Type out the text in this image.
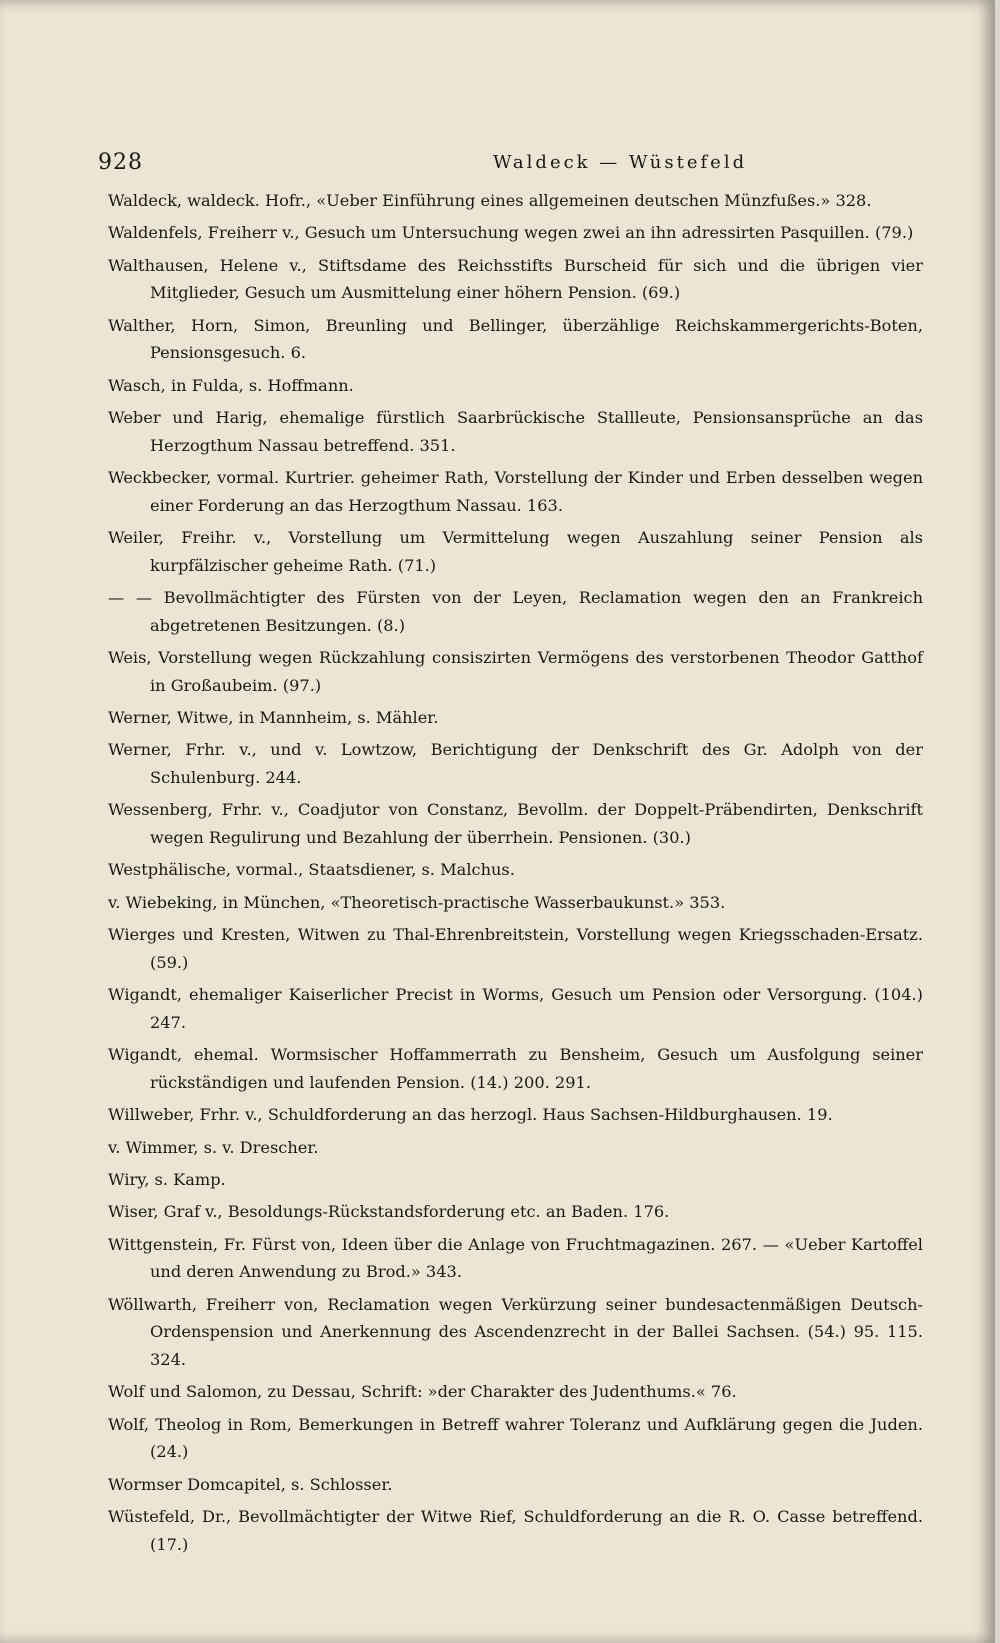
928	Waldeck — Wüstefeld

Waldeck, waldeck. Hofr., «Ueber Einführung eines allgemeinen deutschen Münzfußes.» 328.

Waldenfels, Freiherr v., Gesuch um Untersuchung wegen zwei an ihn adressirten Pasquillen. (79.)

Walthausen, Helene v., Stiftsdame des Reichsstifts Burscheid für sich und die übrigen vier Mitglieder, Gesuch um Ausmittelung einer höhern Pension. (69.)

Walther, Horn, Simon, Breunling und Bellinger, überzählige Reichskammergerichts-Boten, Pensionsgesuch. 6.

Wasch, in Fulda, s. Hoffmann.

Weber und Harig, ehemalige fürstlich Saarbrückische Stallleute, Pensionsansprüche an das Herzogthum Nassau betreffend. 351.

Weckbecker, vormal. Kurtrier. geheimer Rath, Vorstellung der Kinder und Erben desselben wegen einer Forderung an das Herzogthum Nassau. 163.

Weiler, Freihr. v., Vorstellung um Vermittelung wegen Auszahlung seiner Pension als kurpfälzischer geheime Rath. (71.)

— — Bevollmächtigter des Fürsten von der Leyen, Reclamation wegen den an Frankreich abgetretenen Besitzungen. (8.)

Weis, Vorstellung wegen Rückzahlung consiszirten Vermögens des verstorbenen Theodor Gatthof in Großaubeim. (97.)

Werner, Witwe, in Mannheim, s. Mähler.

Werner, Frhr. v., und v. Lowtzow, Berichtigung der Denkschrift des Gr. Adolph von der Schulenburg. 244.

Wessenberg, Frhr. v., Coadjutor von Constanz, Bevollm. der Doppelt-Präbendirten, Denkschrift wegen Regulirung und Bezahlung der überrhein. Pensionen. (30.)

Westphälische, vormal., Staatsdiener, s. Malchus.

v. Wiebeking, in München, «Theoretisch-practische Wasserbaukunst.» 353.

Wierges und Kresten, Witwen zu Thal-Ehrenbreitstein, Vorstellung wegen Kriegsschaden-Ersatz. (59.)

Wigandt, ehemaliger Kaiserlicher Precist in Worms, Gesuch um Pension oder Versorgung. (104.) 247.

Wigandt, ehemal. Wormsischer Hoffammerrath zu Bensheim, Gesuch um Ausfolgung seiner rückständigen und laufenden Pension. (14.) 200. 291.

Willweber, Frhr. v., Schuldforderung an das herzogl. Haus Sachsen-Hildburghausen. 19.

v. Wimmer, s. v. Drescher.

Wiry, s. Kamp.

Wiser, Graf v., Besoldungs-Rückstandsforderung etc. an Baden. 176.

Wittgenstein, Fr. Fürst von, Ideen über die Anlage von Fruchtmagazinen. 267. — «Ueber Kartoffel und deren Anwendung zu Brod.» 343.

Wöllwarth, Freiherr von, Reclamation wegen Verkürzung seiner bundesactenmäßigen Deutsch-Ordenspension und Anerkennung des Ascendenzrecht in der Ballei Sachsen. (54.) 95. 115. 324.

Wolf und Salomon, zu Dessau, Schrift: »der Charakter des Judenthums.« 76.

Wolf, Theolog in Rom, Bemerkungen in Betreff wahrer Toleranz und Aufklärung gegen die Juden. (24.)

Wormser Domcapitel, s. Schlosser.

Wüstefeld, Dr., Bevollmächtigter der Witwe Rief, Schuldforderung an die R. O. Casse betreffend. (17.)
